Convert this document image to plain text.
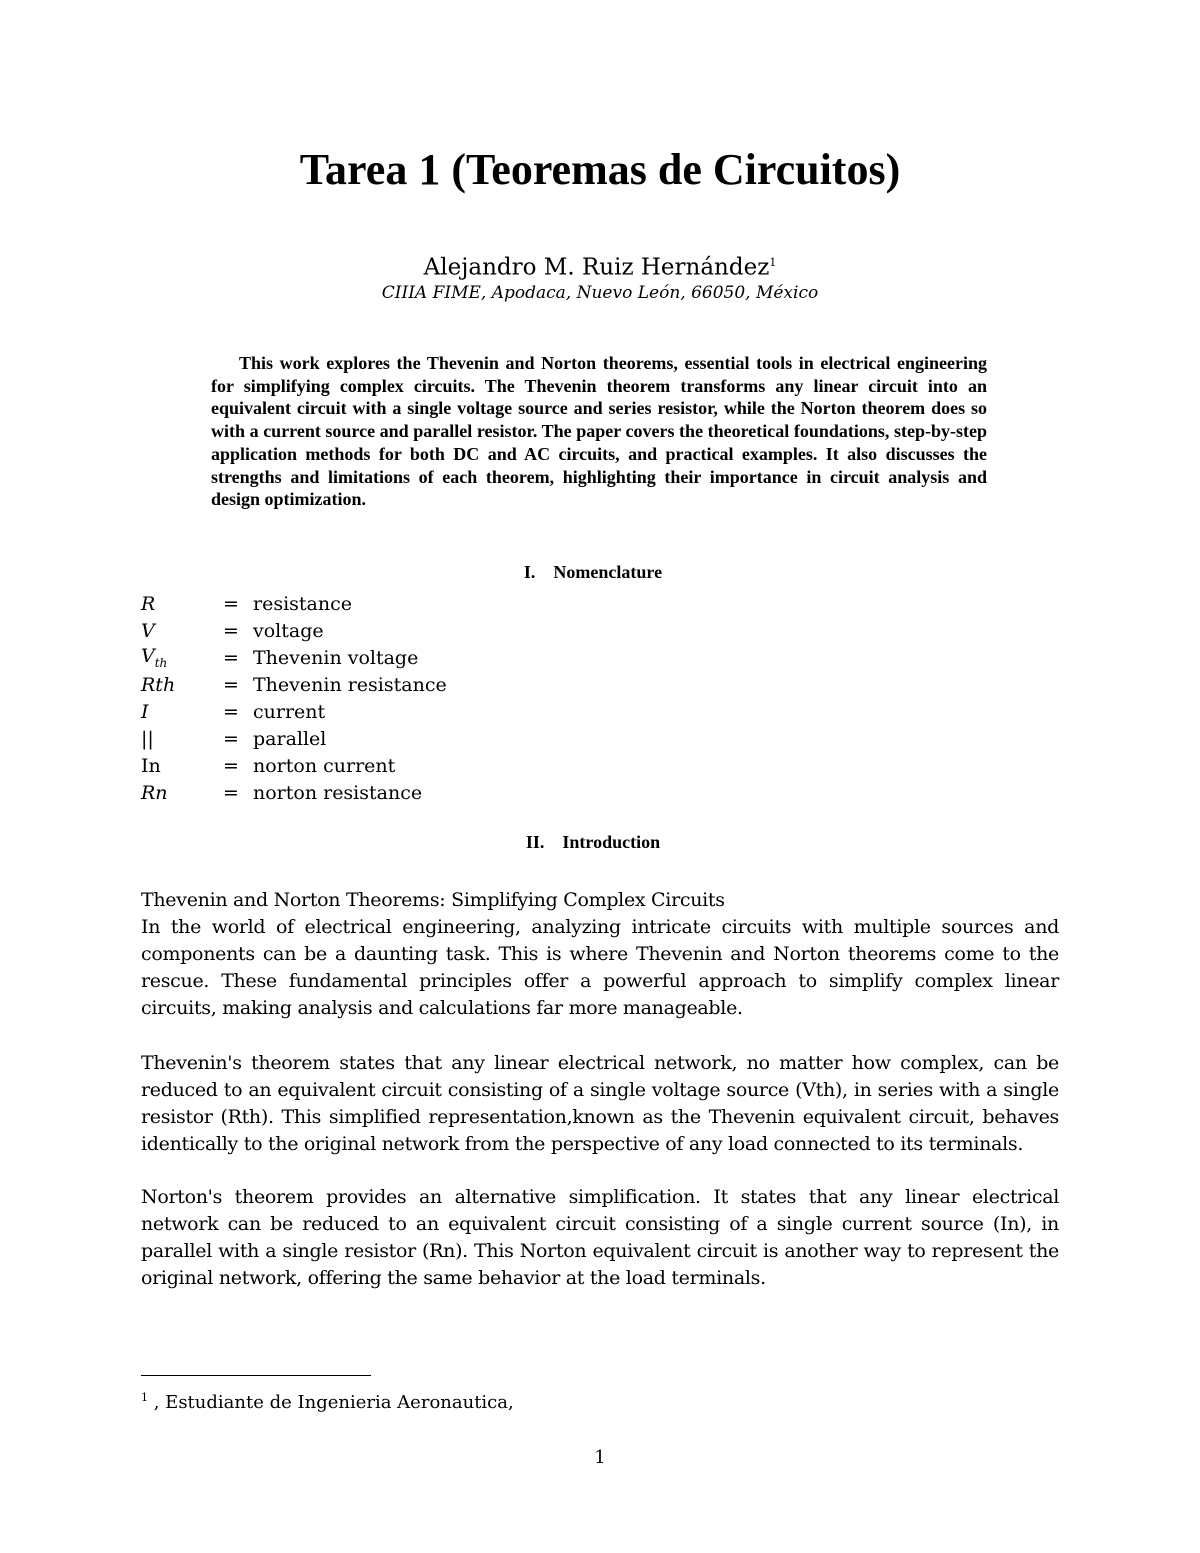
Tarea 1 (Teoremas de Circuitos)
Alejandro M. Ruiz Hernández$^1$
CIIIA FIME, Apodaca, Nuevo León, 66050, México

This work explores the Thevenin and Norton theorems, essential tools in electrical engineering for simplifying complex circuits. The Thevenin theorem transforms any linear circuit into an equivalent circuit with a single voltage source and series resistor, while the Norton theorem does so with a current source and parallel resistor. The paper covers the theoretical foundations, step-by-step application methods for both DC and AC circuits, and practical examples. It also discusses the strengths and limitations of each theorem, highlighting their importance in circuit analysis and design optimization.

I. Nomenclature
R	= resistance
V	= voltage
$V_{th}$	= Thevenin voltage
Rth	= Thevenin resistance
I	= current
||	= parallel
In	= norton current
Rn	= norton resistance
II. Introduction

Thevenin and Norton Theorems: Simplifying Complex Circuits
In the world of electrical engineering, analyzing intricate circuits with multiple sources and components can be a daunting task. This is where Thevenin and Norton theorems come to the rescue. These fundamental principles offer a powerful approach to simplify complex linear circuits, making analysis and calculations far more manageable.

Thevenin's theorem states that any linear electrical network, no matter how complex, can be reduced to an equivalent circuit consisting of a single voltage source (Vth), in series with a single resistor (Rth). This simplified representation,known as the Thevenin equivalent circuit, behaves identically to the original network from the perspective of any load connected to its terminals.

Norton's theorem provides an alternative simplification. It states that any linear electrical network can be reduced to an equivalent circuit consisting of a single current source (In), in parallel with a single resistor (Rn). This Norton equivalent circuit is another way to represent the original network, offering the same behavior at the load terminals.

$^1$ , Estudiante de Ingenieria Aeronautica,
1
